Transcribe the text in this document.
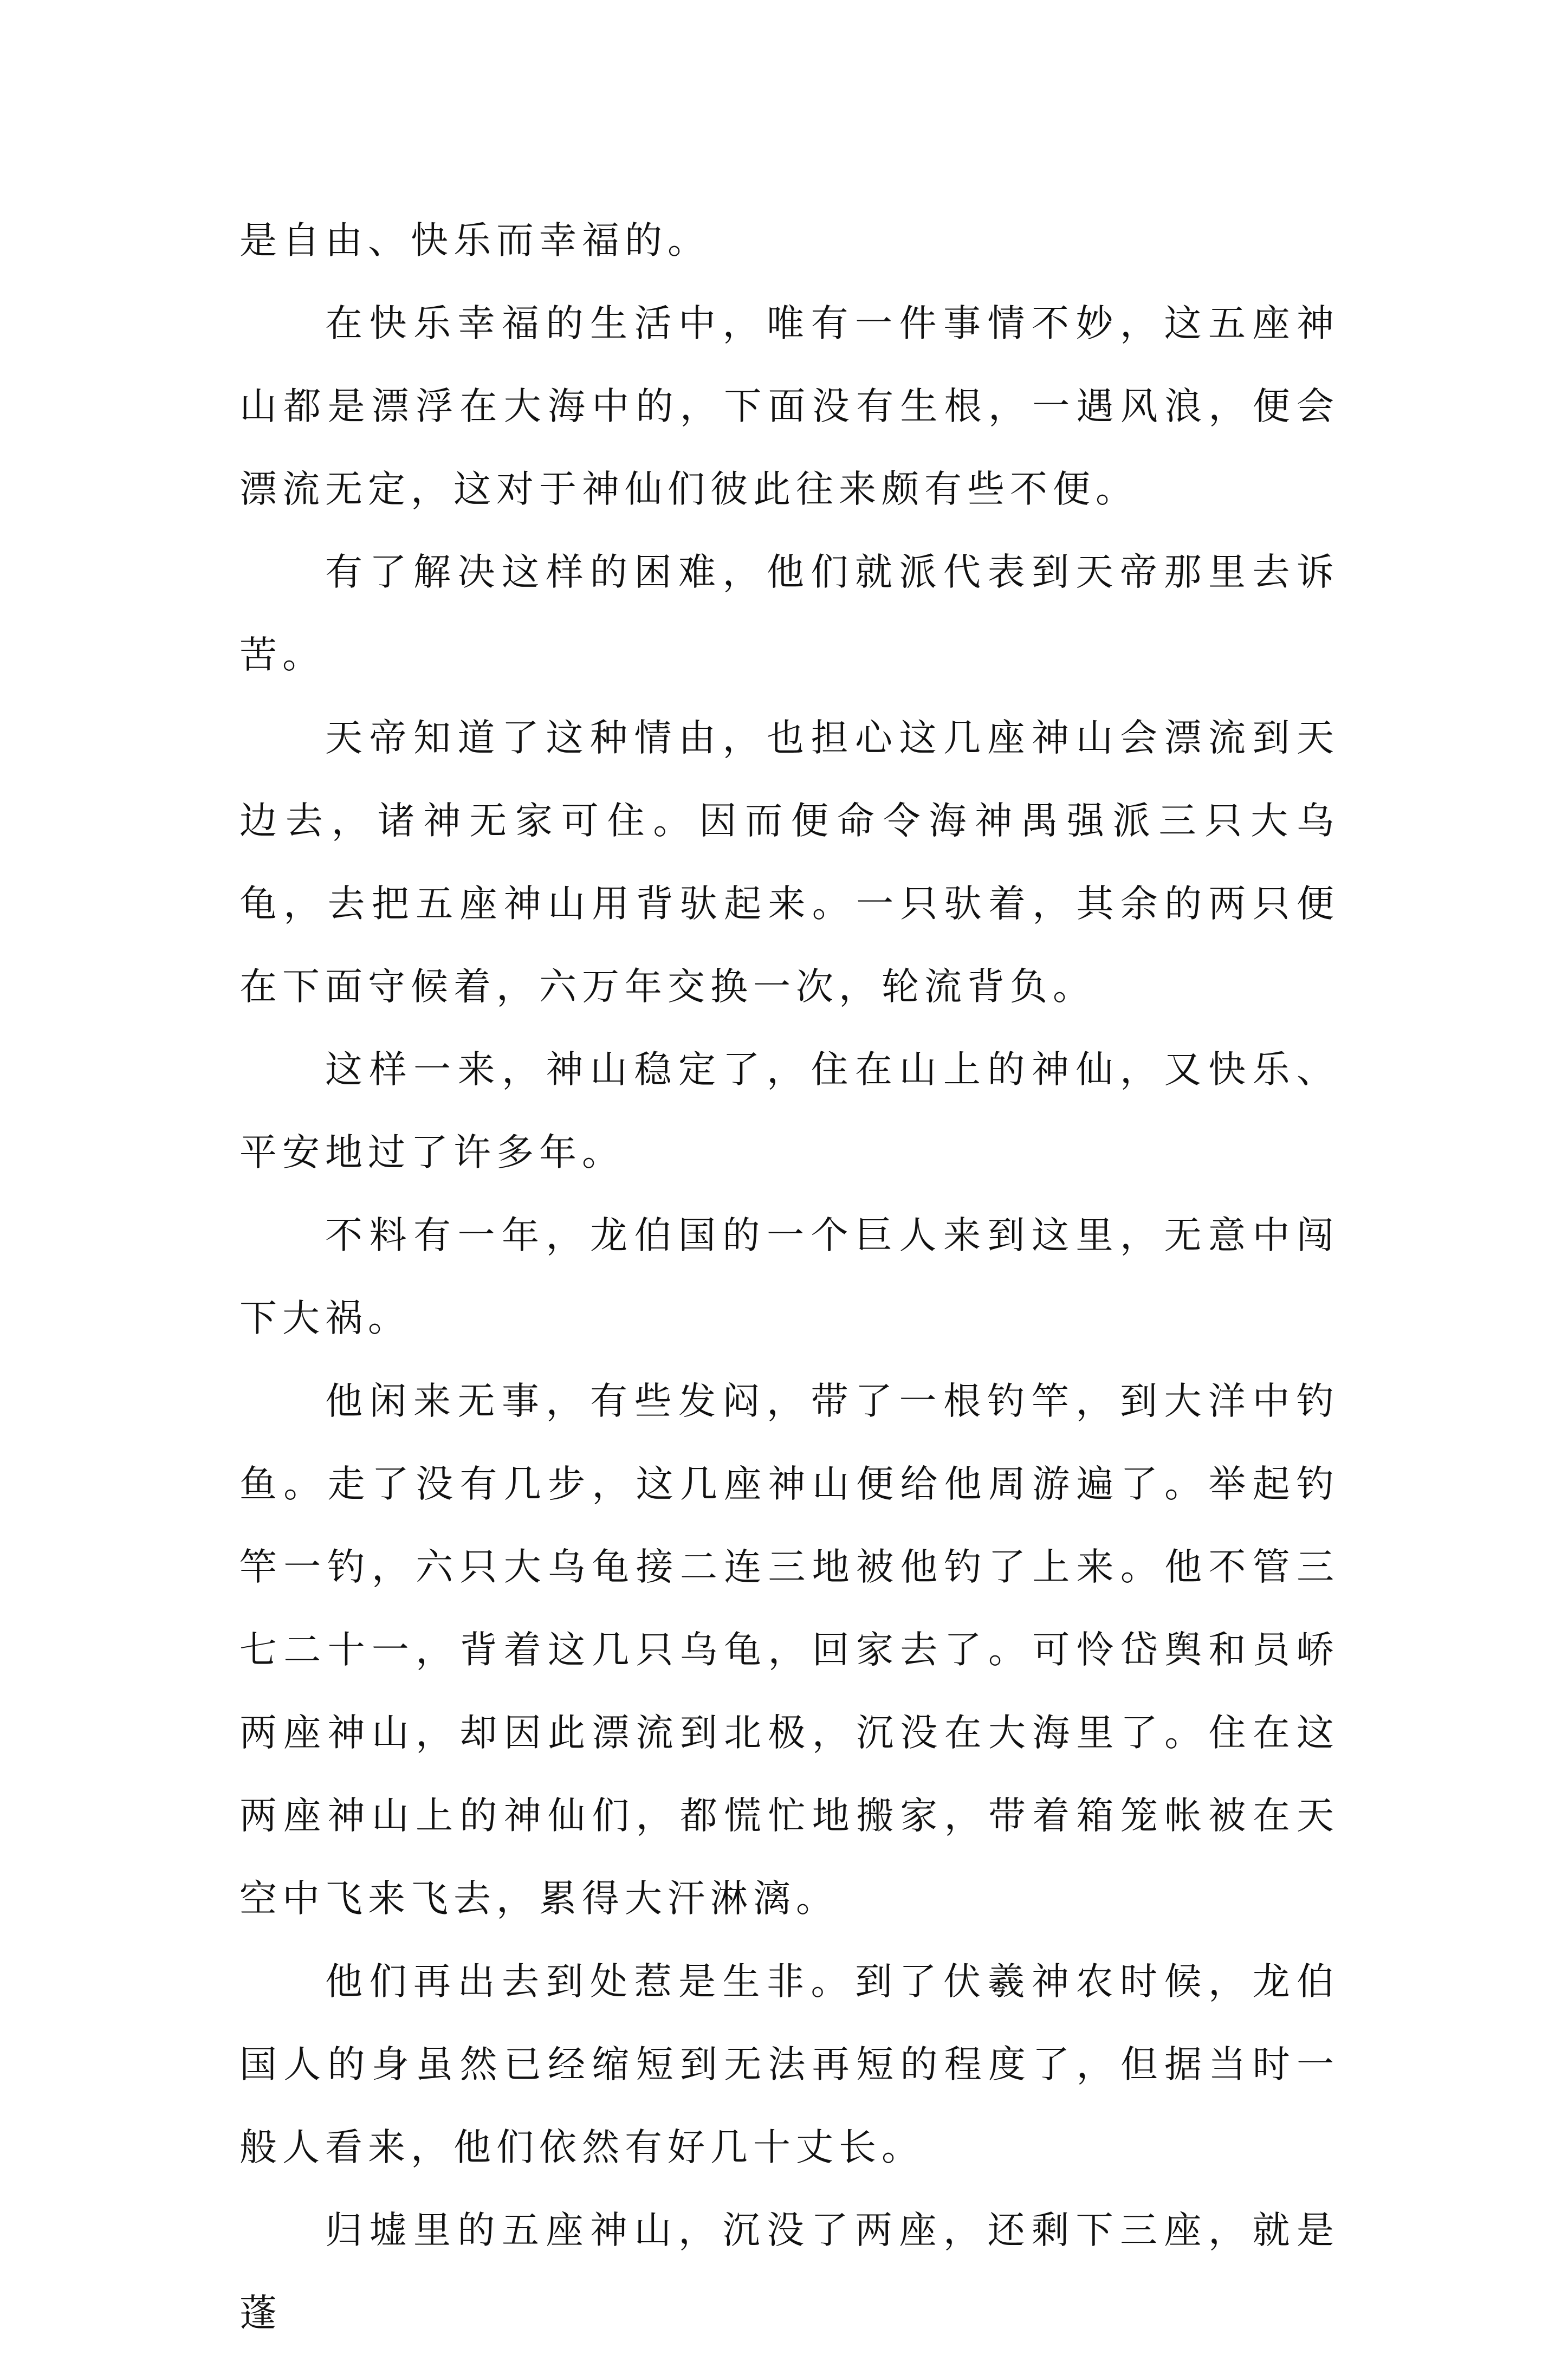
是自由、快乐而幸福的。

在快乐幸福的生活中，唯有一件事情不妙，这五座神山都是漂浮在大海中的，下面没有生根，一遇风浪，便会漂流无定，这对于神仙们彼此往来颇有些不便。

有了解决这样的困难，他们就派代表到天帝那里去诉苦。

天帝知道了这种情由，也担心这几座神山会漂流到天边去，诸神无家可住。因而便命令海神禺强派三只大乌龟，去把五座神山用背驮起来。一只驮着，其余的两只便在下面守候着，六万年交换一次，轮流背负。

这样一来，神山稳定了，住在山上的神仙，又快乐、平安地过了许多年。

不料有一年，龙伯国的一个巨人来到这里，无意中闯下大祸。

他闲来无事，有些发闷，带了一根钓竿，到大洋中钓鱼。走了没有几步，这几座神山便给他周游遍了。举起钓竿一钓，六只大乌龟接二连三地被他钓了上来。他不管三七二十一，背着这几只乌龟，回家去了。可怜岱舆和员峤两座神山，却因此漂流到北极，沉没在大海里了。住在这两座神山上的神仙们，都慌忙地搬家，带着箱笼帐被在天空中飞来飞去，累得大汗淋漓。

他们再出去到处惹是生非。到了伏羲神农时候，龙伯国人的身虽然已经缩短到无法再短的程度了，但据当时一般人看来，他们依然有好几十丈长。

归墟里的五座神山，沉没了两座，还剩下三座，就是蓬
